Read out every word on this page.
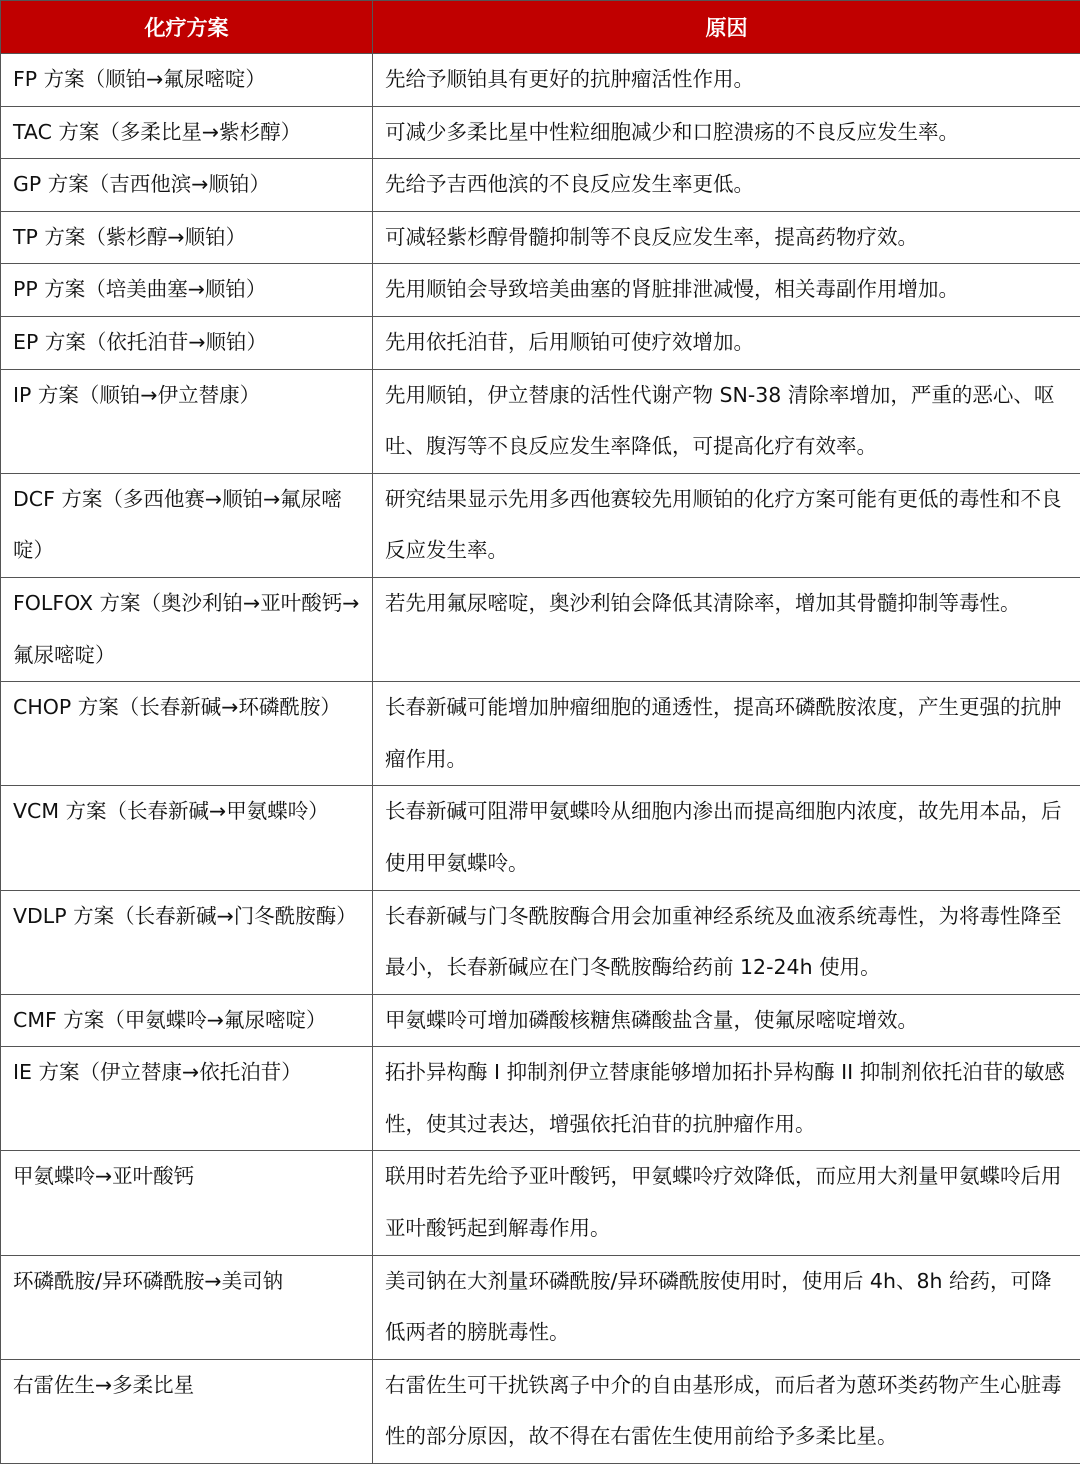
化疗方案	原因
FP 方案（顺铂→氟尿嘧啶）	先给予顺铂具有更好的抗肿瘤活性作用。
TAC 方案（多柔比星→紫杉醇）	可减少多柔比星中性粒细胞减少和口腔溃疡的不良反应发生率。
GP 方案（吉西他滨→顺铂）	先给予吉西他滨的不良反应发生率更低。
TP 方案（紫杉醇→顺铂）	可减轻紫杉醇骨髓抑制等不良反应发生率，提高药物疗效。
PP 方案（培美曲塞→顺铂）	先用顺铂会导致培美曲塞的肾脏排泄减慢，相关毒副作用增加。
EP 方案（依托泊苷→顺铂）	先用依托泊苷，后用顺铂可使疗效增加。
IP 方案（顺铂→伊立替康）	先用顺铂，伊立替康的活性代谢产物 SN-38 清除率增加，严重的恶心、呕吐、腹泻等不良反应发生率降低，可提高化疗有效率。
DCF 方案（多西他赛→顺铂→氟尿嘧啶）	研究结果显示先用多西他赛较先用顺铂的化疗方案可能有更低的毒性和不良反应发生率。
FOLFOX 方案（奥沙利铂→亚叶酸钙→氟尿嘧啶）	若先用氟尿嘧啶，奥沙利铂会降低其清除率，增加其骨髓抑制等毒性。
CHOP 方案（长春新碱→环磷酰胺）	长春新碱可能增加肿瘤细胞的通透性，提高环磷酰胺浓度，产生更强的抗肿瘤作用。
VCM 方案（长春新碱→甲氨蝶呤）	长春新碱可阻滞甲氨蝶呤从细胞内渗出而提高细胞内浓度，故先用本品，后使用甲氨蝶呤。
VDLP 方案（长春新碱→门冬酰胺酶）	长春新碱与门冬酰胺酶合用会加重神经系统及血液系统毒性，为将毒性降至最小，长春新碱应在门冬酰胺酶给药前 12-24h 使用。
CMF 方案（甲氨蝶呤→氟尿嘧啶）	甲氨蝶呤可增加磷酸核糖焦磷酸盐含量，使氟尿嘧啶增效。
IE 方案（伊立替康→依托泊苷）	拓扑异构酶 I 抑制剂伊立替康能够增加拓扑异构酶 II 抑制剂依托泊苷的敏感性，使其过表达，增强依托泊苷的抗肿瘤作用。
甲氨蝶呤→亚叶酸钙	联用时若先给予亚叶酸钙，甲氨蝶呤疗效降低，而应用大剂量甲氨蝶呤后用亚叶酸钙起到解毒作用。
环磷酰胺/异环磷酰胺→美司钠	美司钠在大剂量环磷酰胺/异环磷酰胺使用时，使用后 4h、8h 给药，可降低两者的膀胱毒性。
右雷佐生→多柔比星	右雷佐生可干扰铁离子中介的自由基形成，而后者为蒽环类药物产生心脏毒性的部分原因，故不得在右雷佐生使用前给予多柔比星。
